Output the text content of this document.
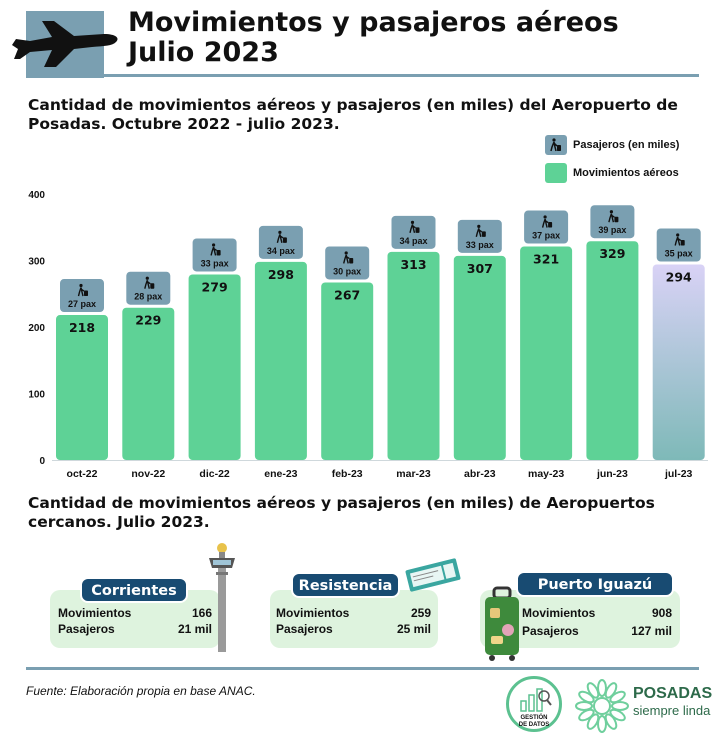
Movimientos y pasajeros aéreos
Julio 2023
Cantidad de movimientos aéreos y pasajeros (en miles) del Aeropuerto de
Posadas. Octubre 2022 - julio 2023.
Pasajeros (en miles)
Movimientos aéreos
0
100
200
300
400
218
27 pax
oct-22
229
28 pax
nov-22
279
33 pax
dic-22
298
34 pax
ene-23
267
30 pax
feb-23
313
34 pax
mar-23
307
33 pax
abr-23
321
37 pax
may-23
329
39 pax
jun-23
294
35 pax
jul-23
Cantidad de movimientos aéreos y pasajeros (en miles) de Aeropuertos
cercanos. Julio 2023.
Movimientos	166
Pasajeros	21 mil
Corrientes
Movimientos	259
Pasajeros	25 mil
Resistencia
Movimientos	908
Pasajeros	127 mil
Puerto Iguazú
Fuente: Elaboración propia en base ANAC.
GESTIÓN
DE DATOS
POSADAS
siempre linda
